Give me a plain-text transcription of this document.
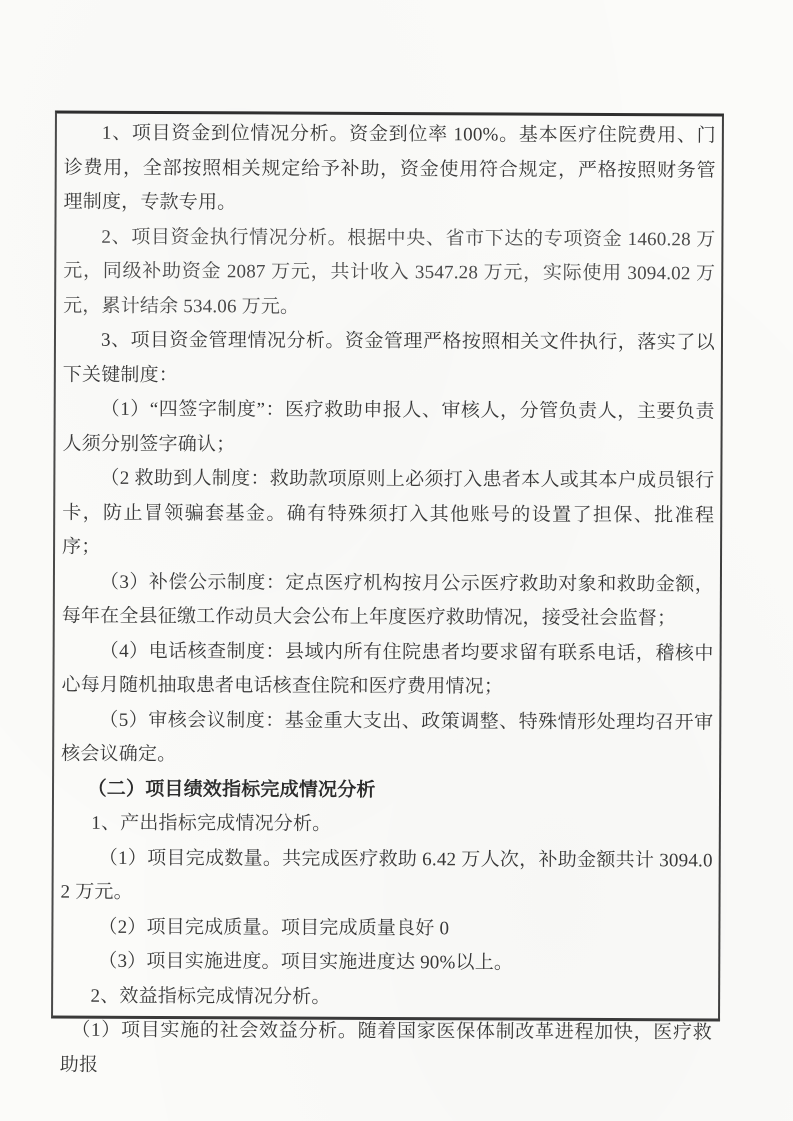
1、项目资金到位情况分析。资金到位率 100%。基本医疗住院费用、门诊费用，全部按照相关规定给予补助，资金使用符合规定，严格按照财务管理制度，专款专用。

2、项目资金执行情况分析。根据中央、省市下达的专项资金 1460.28 万元，同级补助资金 2087 万元，共计收入 3547.28 万元，实际使用 3094.02 万元，累计结余 534.06 万元。

3、项目资金管理情况分析。资金管理严格按照相关文件执行，落实了以下关键制度：

（1）“四签字制度”：医疗救助申报人、审核人，分管负责人，主要负责人须分别签字确认；

（2 救助到人制度：救助款项原则上必须打入患者本人或其本户成员银行卡，防止冒领骗套基金。确有特殊须打入其他账号的设置了担保、批准程序；

（3）补偿公示制度：定点医疗机构按月公示医疗救助对象和救助金额，每年在全县征缴工作动员大会公布上年度医疗救助情况，接受社会监督；

（4）电话核查制度：县域内所有住院患者均要求留有联系电话，稽核中心每月随机抽取患者电话核查住院和医疗费用情况；

（5）审核会议制度：基金重大支出、政策调整、特殊情形处理均召开审核会议确定。

（二）项目绩效指标完成情况分析

1、产出指标完成情况分析。

（1）项目完成数量。共完成医疗救助 6.42 万人次，补助金额共计 3094.02 万元。

（2）项目完成质量。项目完成质量良好 0

（3）项目实施进度。项目实施进度达 90%以上。

2、效益指标完成情况分析。

（1）项目实施的社会效益分析。随着国家医保体制改革进程加快，医疗救助报
